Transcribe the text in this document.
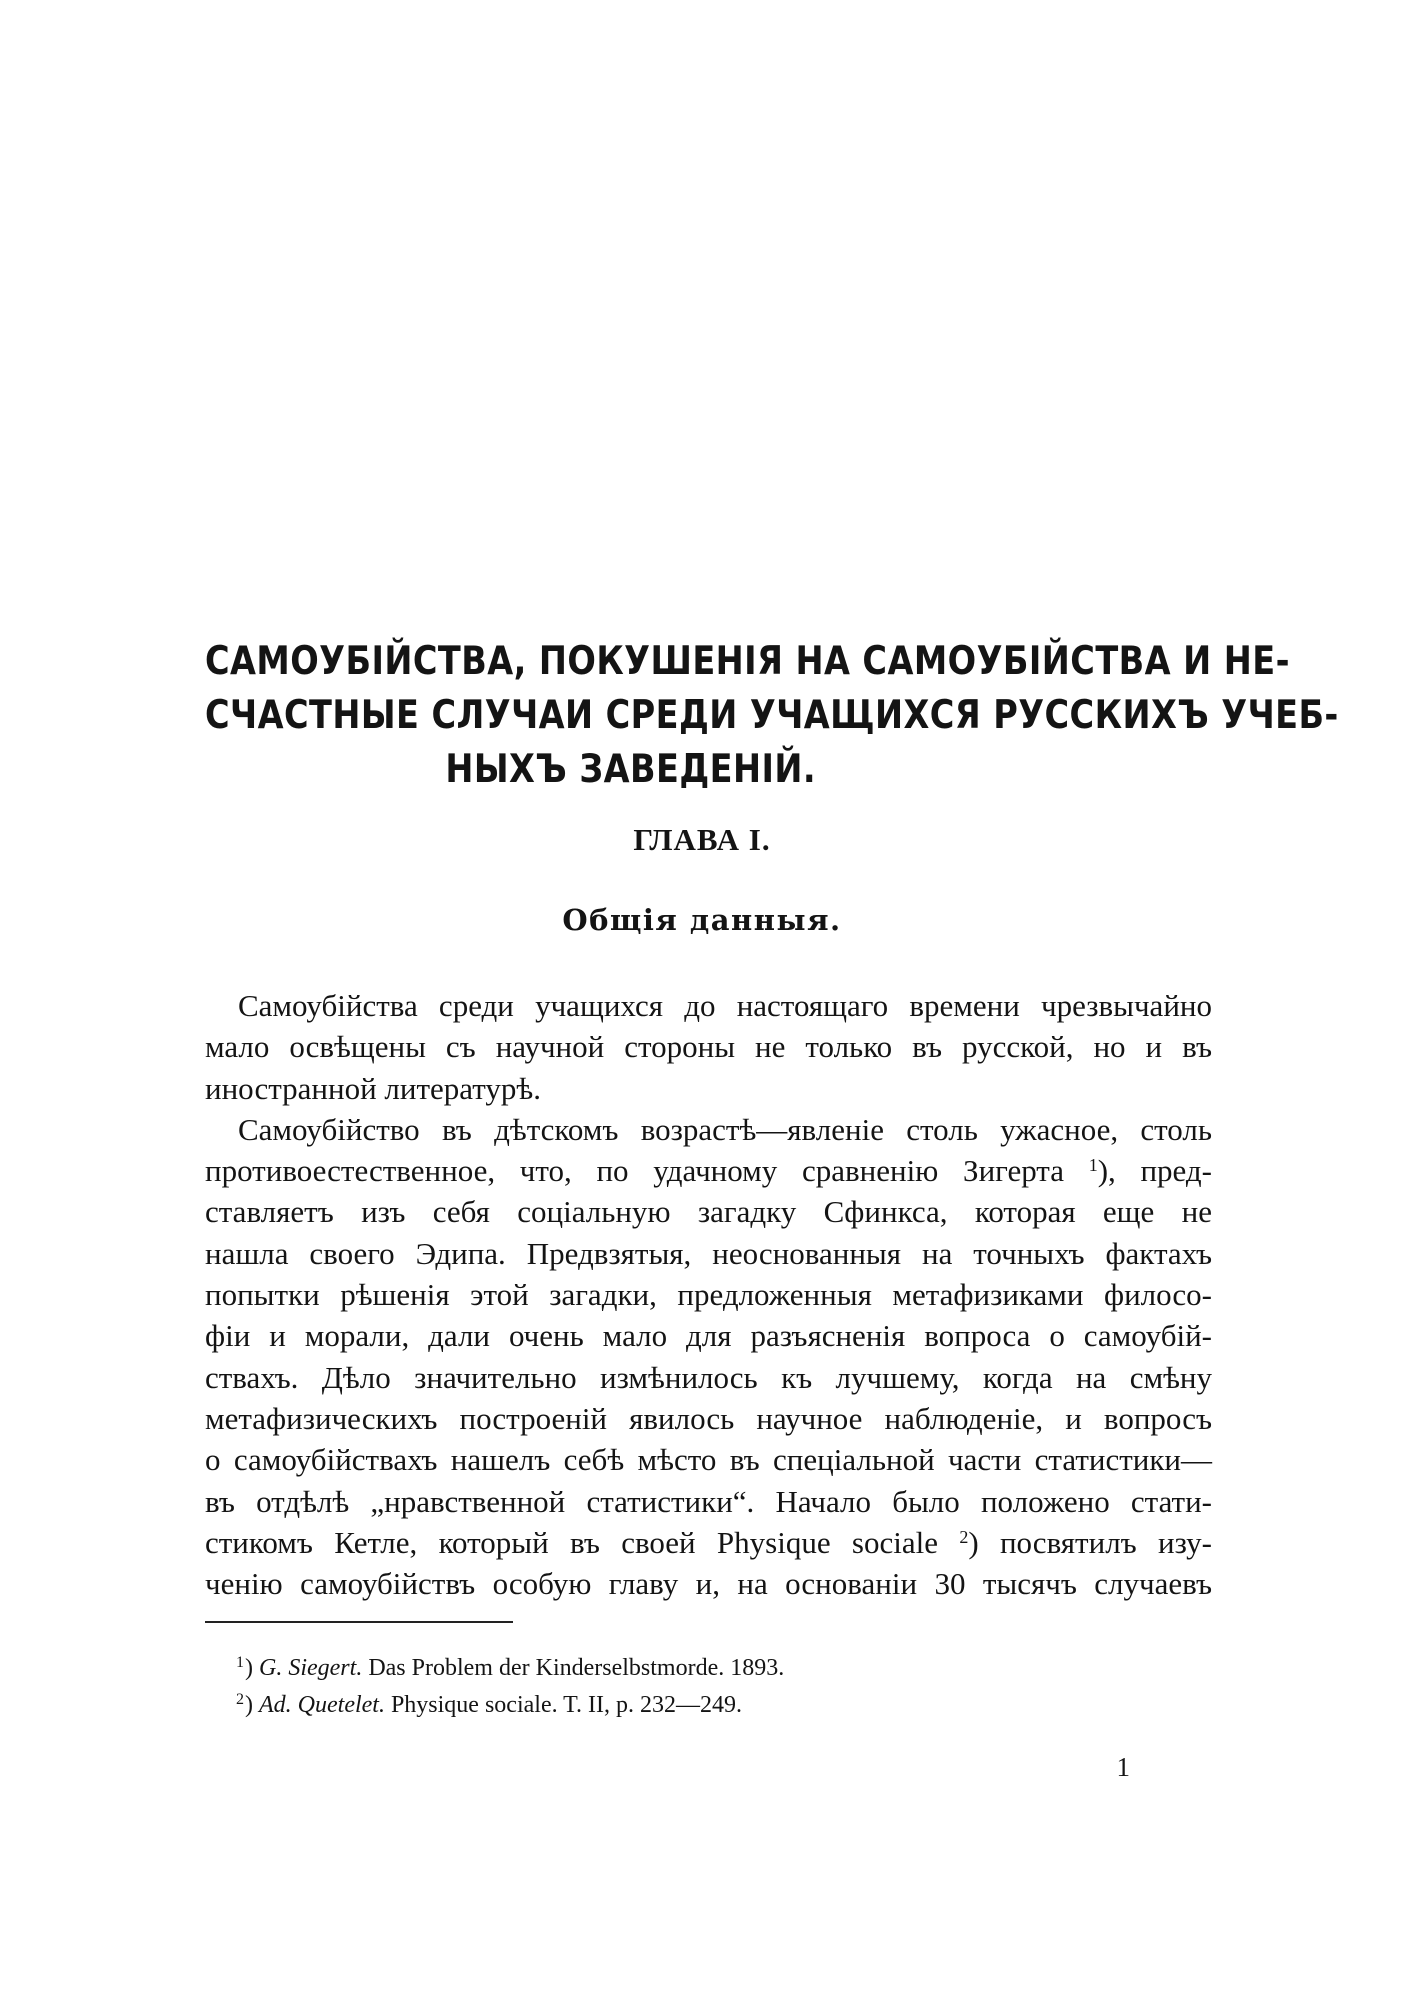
САМОУБІЙСТВА, ПОКУШЕНІЯ НА САМОУБІЙСТВА И НЕ-
СЧАСТНЫЕ СЛУЧАИ СРЕДИ УЧАЩИХСЯ РУССКИХЪ УЧЕБ-
НЫХЪ ЗАВЕДЕНІЙ.
ГЛАВА I.
Общія данныя.
Самоубійства среди учащихся до настоящаго времени чрезвычайно
мало освѣщены съ научной стороны не только въ русской, но и въ
иностранной литературѣ.
Самоубійство въ дѣтскомъ возрастѣ—явленіе столь ужасное, столь
противоестественное, что, по удачному сравненію Зигерта $^1$), пред-
ставляетъ изъ себя соціальную загадку Сфинкса, которая еще не
нашла своего Эдипа. Предвзятыя, неоснованныя на точныхъ фактахъ
попытки рѣшенія этой загадки, предложенныя метафизиками филосо-
фіи и морали, дали очень мало для разъясненія вопроса о самоубій-
ствахъ. Дѣло значительно измѣнилось къ лучшему, когда на смѣну
метафизическихъ построеній явилось научное наблюденіе, и вопросъ
о самоубійствахъ нашелъ себѣ мѣсто въ спеціальной части статистики—
въ отдѣлѣ „нравственной статистики“. Начало было положено стати-
стикомъ Кетле, который въ своей Physique sociale $^2$) посвятилъ изу-
ченію самоубійствъ особую главу и, на основаніи 30 тысячъ случаевъ
$^1$) G. Siegert. Das Problem der Kinderselbstmorde. 1893.
$^2$) Ad. Quetelet. Physique sociale. T. II, p. 232—249.
1
